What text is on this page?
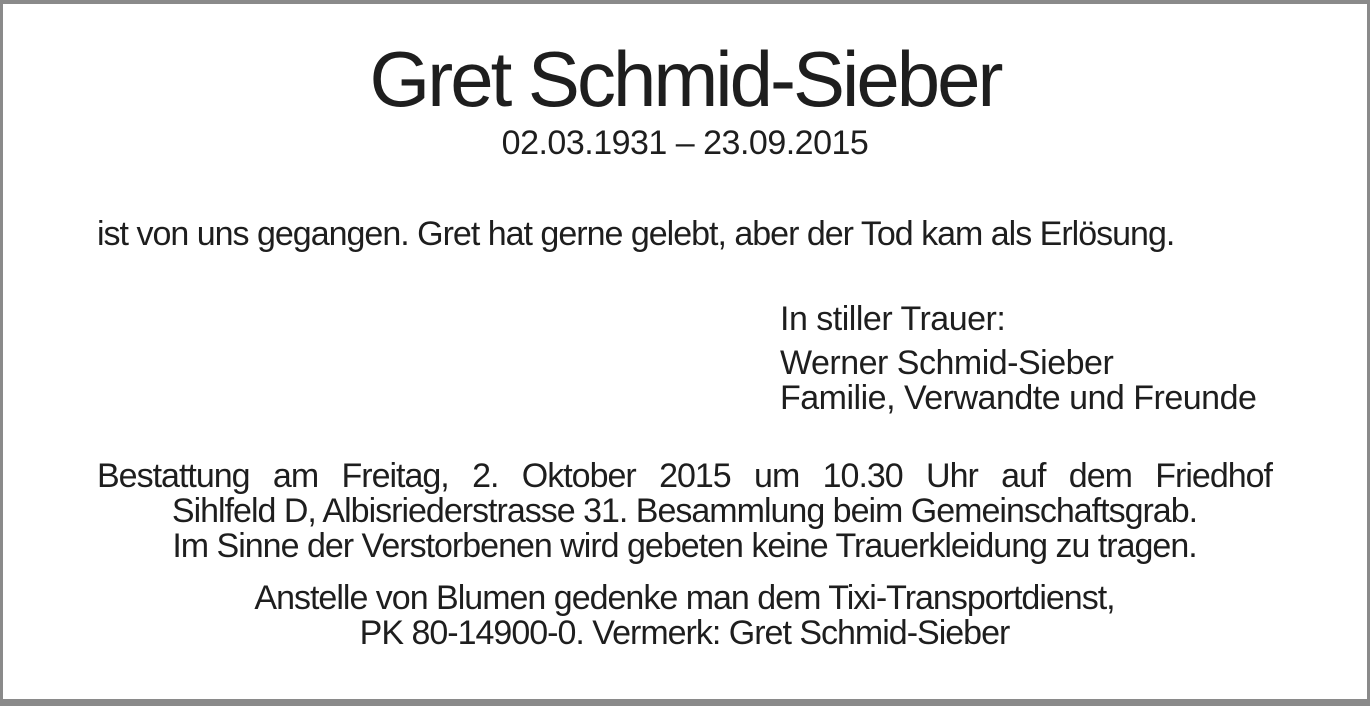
Gret Schmid-Sieber
02.03.1931 – 23.09.2015
ist von uns gegangen. Gret hat gerne gelebt, aber der Tod kam als Erlösung.
In stiller Trauer:
Werner Schmid-Sieber
Familie, Verwandte und Freunde
Bestattung am Freitag, 2. Oktober 2015 um 10.30 Uhr auf dem Friedhof
Sihlfeld D, Albisriederstrasse 31. Besammlung beim Gemeinschaftsgrab.
Im Sinne der Verstorbenen wird gebeten keine Trauerkleidung zu tragen.
Anstelle von Blumen gedenke man dem Tixi-Transportdienst,
PK 80-14900-0. Vermerk: Gret Schmid-Sieber
